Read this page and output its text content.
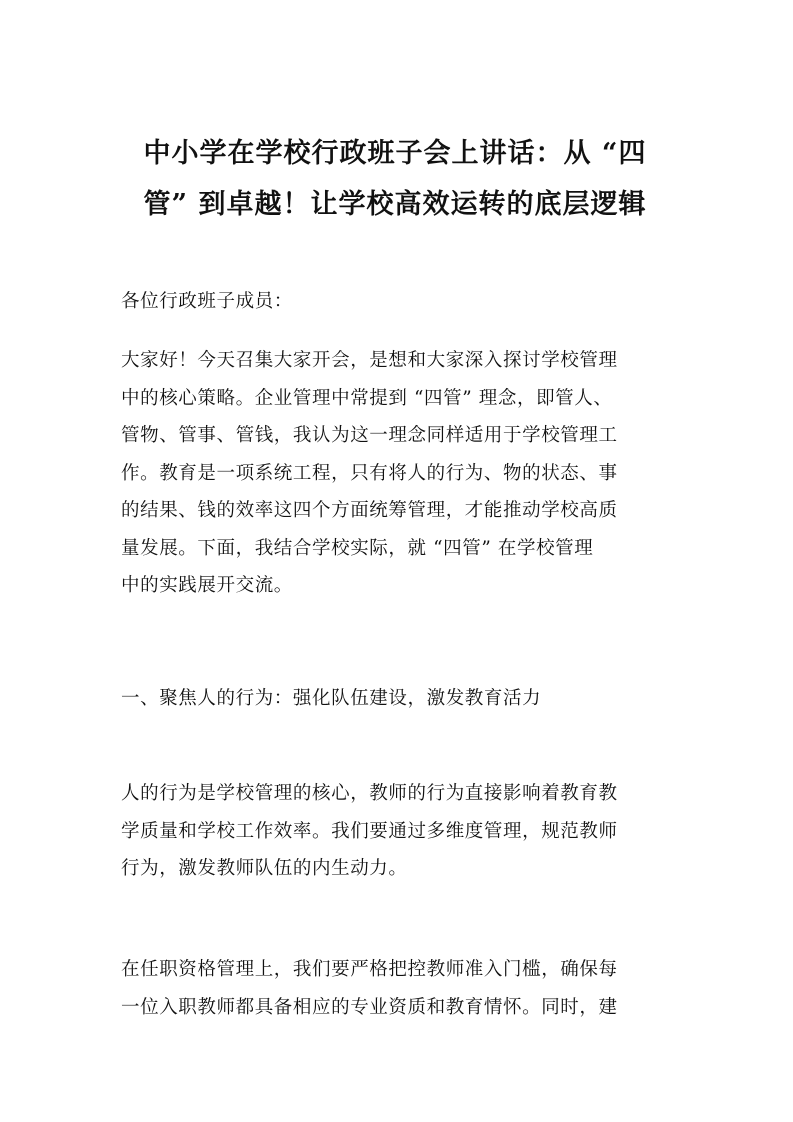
中小学在学校行政班子会上讲话：从 “四
管” 到卓越！让学校高效运转的底层逻辑

各位行政班子成员：

大家好！今天召集大家开会，是想和大家深入探讨学校管理
中的核心策略。企业管理中常提到 “四管” 理念，即管人、
管物、管事、管钱，我认为这一理念同样适用于学校管理工
作。教育是一项系统工程，只有将人的行为、物的状态、事
的结果、钱的效率这四个方面统筹管理，才能推动学校高质
量发展。下面，我结合学校实际，就 “四管” 在学校管理
中的实践展开交流。

一、聚焦人的行为：强化队伍建设，激发教育活力

人的行为是学校管理的核心，教师的行为直接影响着教育教
学质量和学校工作效率。我们要通过多维度管理，规范教师
行为，激发教师队伍的内生动力。

在任职资格管理上，我们要严格把控教师准入门槛，确保每
一位入职教师都具备相应的专业资质和教育情怀。同时，建
